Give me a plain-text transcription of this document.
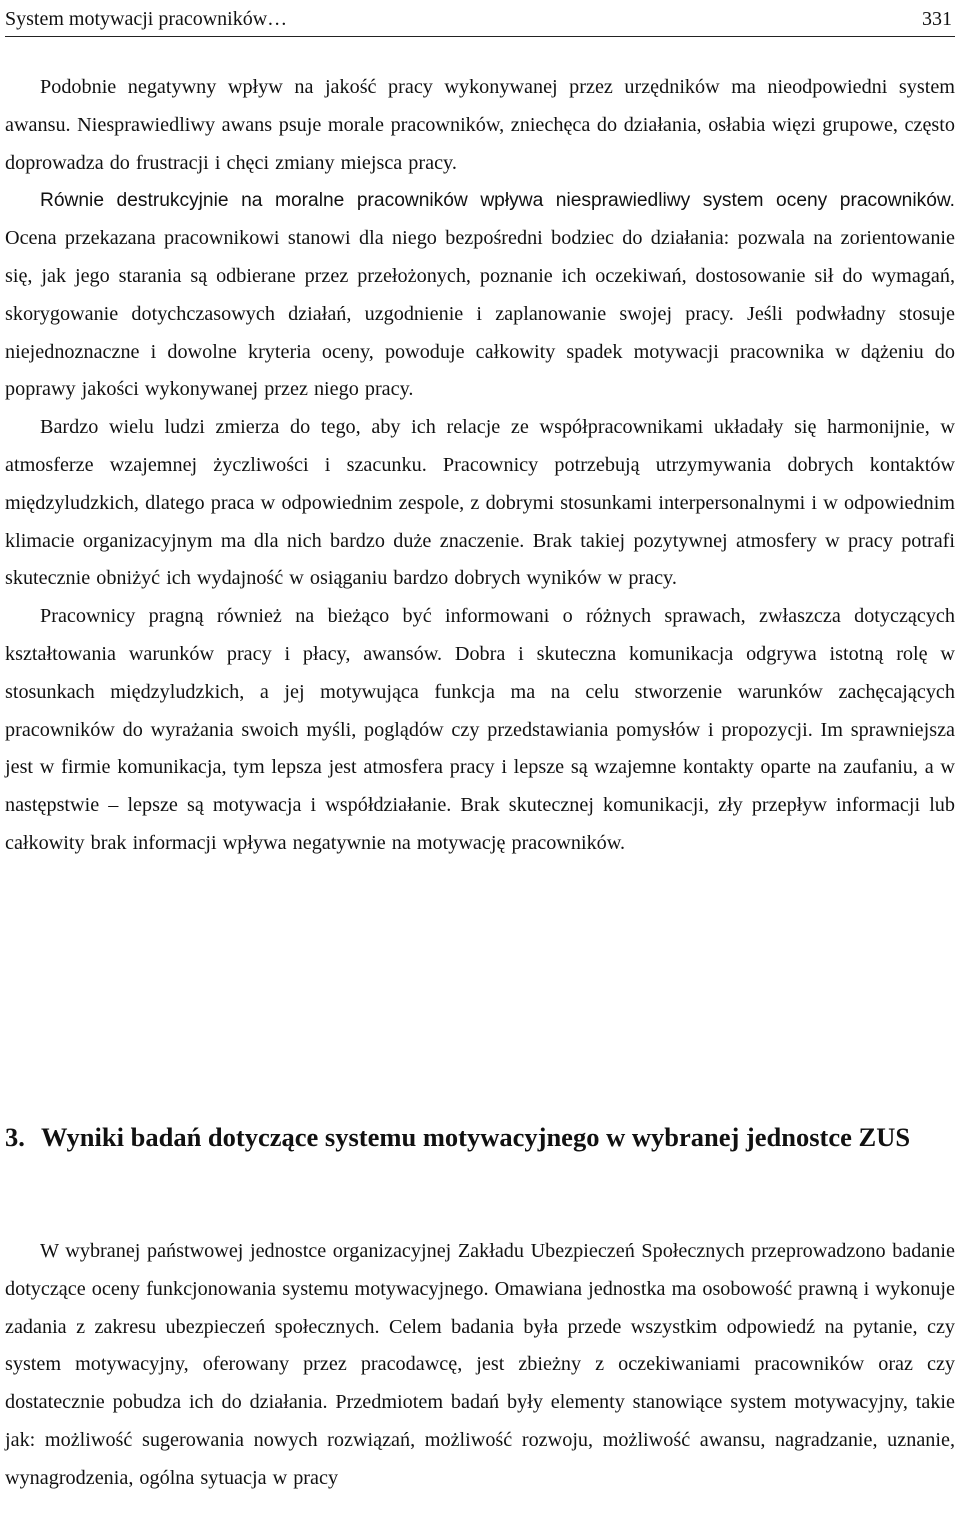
System motywacji pracowników…	331

Podobnie negatywny wpływ na jakość pracy wykonywanej przez urzędników ma nieodpowiedni system awansu. Niesprawiedliwy awans psuje morale pracowników, zniechęca do działania, osłabia więzi grupowe, często doprowadza do frustracji i chęci zmiany miejsca pracy.

Równie destrukcyjnie na moralne pracowników wpływa niesprawiedliwy system oceny pracowników. Ocena przekazana pracownikowi stanowi dla niego bezpośredni bodziec do działania: pozwala na zorientowanie się, jak jego starania są odbierane przez przełożonych, poznanie ich oczekiwań, dostosowanie sił do wymagań, skorygowanie dotychczasowych działań, uzgodnienie i zaplanowanie swojej pracy. Jeśli podwładny stosuje niejednoznaczne i dowolne kryteria oceny, powoduje całkowity spadek motywacji pracownika w dążeniu do poprawy jakości wykonywanej przez niego pracy.

Bardzo wielu ludzi zmierza do tego, aby ich relacje ze współpracownikami układały się harmonijnie, w atmosferze wzajemnej życzliwości i szacunku. Pracownicy potrzebują utrzymywania dobrych kontaktów międzyludzkich, dlatego praca w odpowiednim zespole, z dobrymi stosunkami interpersonalnymi i w odpowiednim klimacie organizacyjnym ma dla nich bardzo duże znaczenie. Brak takiej pozytywnej atmosfery w pracy potrafi skutecznie obniżyć ich wydajność w osiąganiu bardzo dobrych wyników w pracy.

Pracownicy pragną również na bieżąco być informowani o różnych sprawach, zwłaszcza dotyczących kształtowania warunków pracy i płacy, awansów. Dobra i skuteczna komunikacja odgrywa istotną rolę w stosunkach międzyludzkich, a jej motywująca funkcja ma na celu stworzenie warunków zachęcających pracowników do wyrażania swoich myśli, poglądów czy przedstawiania pomysłów i propozycji. Im sprawniejsza jest w firmie komunikacja, tym lepsza jest atmosfera pracy i lepsze są wzajemne kontakty oparte na zaufaniu, a w następstwie – lepsze są motywacja i współdziałanie. Brak skutecznej komunikacji, zły przepływ informacji lub całkowity brak informacji wpływa negatywnie na motywację pracowników.

3. Wyniki badań dotyczące systemu motywacyjnego w wybranej jednostce ZUS

W wybranej państwowej jednostce organizacyjnej Zakładu Ubezpieczeń Społecznych przeprowadzono badanie dotyczące oceny funkcjonowania systemu motywacyjnego. Omawiana jednostka ma osobowość prawną i wykonuje zadania z zakresu ubezpieczeń społecznych. Celem badania była przede wszystkim odpowiedź na pytanie, czy system motywacyjny, oferowany przez pracodawcę, jest zbieżny z oczekiwaniami pracowników oraz czy dostatecznie pobudza ich do działania. Przedmiotem badań były elementy stanowiące system motywacyjny, takie jak: możliwość sugerowania nowych rozwiązań, możliwość rozwoju, możliwość awansu, nagradzanie, uznanie, wynagrodzenia, ogólna sytuacja w pracy
